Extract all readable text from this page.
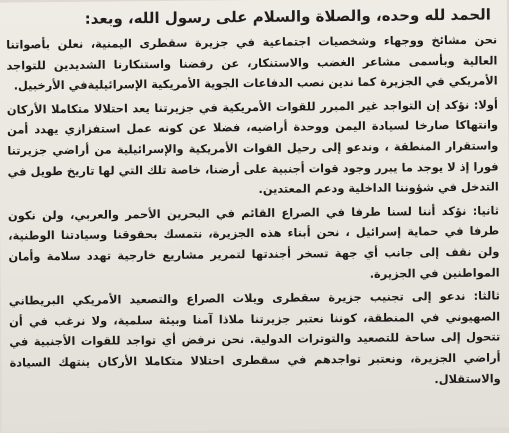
الحمد لله وحده، والصلاة والسلام على رسول الله، وبعد:
نحن مشائخ ووجهاء وشخصيات اجتماعية في جزيرة سقطرى اليمنية، نعلن بأصواتنا العالية وبأسمى مشاعر الغضب والاستنكار، عن رفضنا واستنكارنا الشديدين للتواجد الأمريكي في الجزيرة كما ندين نصب الدفاعات الجوية الأمريكية الإسرائيليةفي الأرخبيل.
أولا: نؤكد إن التواجد غير المبرر للقوات الأمريكية في جزيرتنا يعد احتلالا متكاملا الأركان وانتهاكا صارخا لسيادة اليمن ووحدة أراضيه، فضلا عن كونه عمل استفزازي يهدد أمن واستقرار المنطقة ، وندعو إلى رحيل القوات الأمريكية والإسرائيلية من أراضي جزيرتنا فورا إذ لا يوجد ما يبرر وجود قوات أجنبية على أرضنا، خاصة تلك التي لها تاريخ طويل في التدخل في شؤوننا الداخلية ودعم المعتدين.
ثانيا: نؤكد أننا لسنا طرفا في الصراع القائم في البحرين الأحمر والعربي، ولن نكون طرفا في حماية إسرائيل ، نحن أبناء هذه الجزيرة، نتمسك بحقوقنا وسيادتنا الوطنية، ولن نقف إلى جانب أي جهة تسخر أجندتها لتمرير مشاريع خارجية تهدد سلامة وأمان المواطنين في الجزيرة.
ثالثا: ندعو إلى تجنيب جزيرة سقطرى ويلات الصراع والتصعيد الأمريكي البريطاني الصهيوني في المنطقة، كوننا نعتبر جزيرتنا ملاذا آمنا وبيئة سلمية، ولا نرغب في أن تتحول إلى ساحة للتصعيد والتوترات الدولية. نحن نرفض أي تواجد للقوات الأجنبية في أراضي الجزيرة، ونعتبر تواجدهم في سقطرى احتلالا متكاملا الأركان ينتهك السيادة والاستقلال.
